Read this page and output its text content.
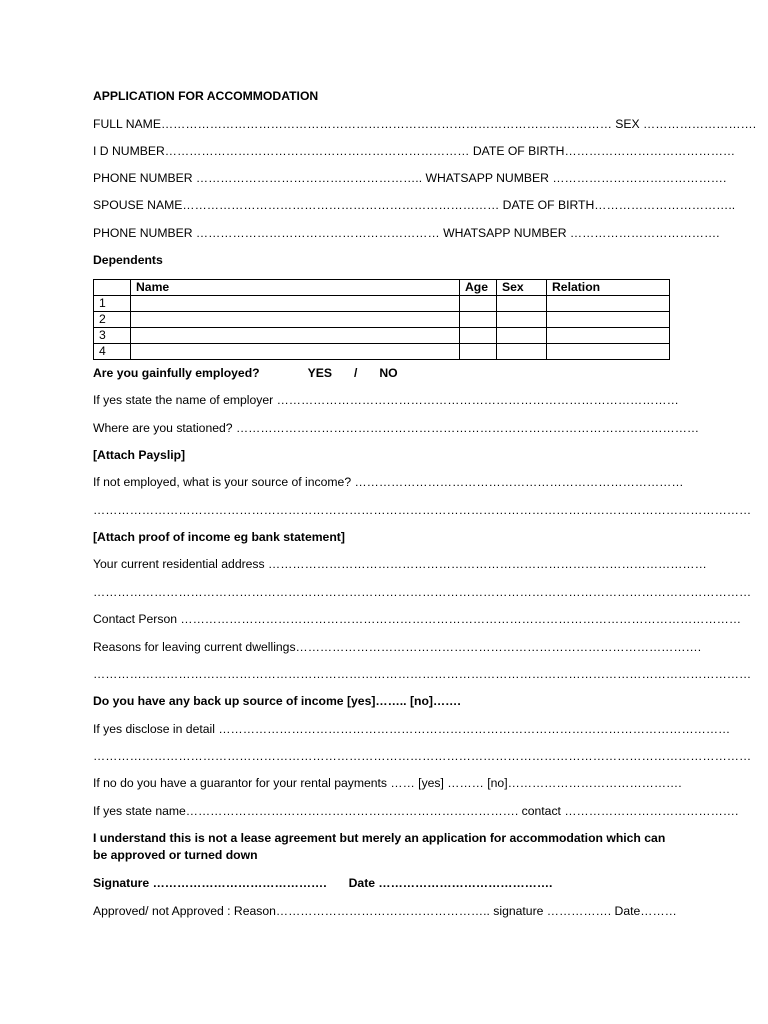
APPLICATION FOR ACCOMMODATION
FULL NAME………………………………………………………………………………………………… SEX ……………………….
I D NUMBER………………………………………………………………… DATE OF BIRTH……………………………………
PHONE NUMBER ……………………………………………….. WHATSAPP NUMBER …………………………………….
SPOUSE NAME…………………………………………………………………… DATE OF BIRTH……………………………..
PHONE NUMBER …………………………………………………… WHATSAPP NUMBER ……………………………….
Dependents
	Name	Age	Sex	Relation
1				
2				
3				
4				
Are you gainfully employed?	YES / NO
If yes state the name of employer ………………………………………………………………………………………
Where are you stationed? ……………………………………………………………………………………………………
[Attach Payslip]
If not employed, what is your source of income? ………………………………………………………………………
………………………………………………………………………………………………………………………………………………
[Attach proof of income eg bank statement]
Your current residential address ………………………………………………………………………………………………
………………………………………………………………………………………………………………………………………………
Contact Person …………………………………………………………………………………………………………………………
Reasons for leaving current dwellings……………………………………………………………………………………….
………………………………………………………………………………………………………………………………………………
Do you have any back up source of income [yes]…….. [no]…….
If yes disclose in detail ………………………………………………………………………………………………………………
………………………………………………………………………………………………………………………………………………
If no do you have a guarantor for your rental payments …… [yes] ……… [no]…………………………………….
If yes state name………………………………………………………………………. contact …………………………………….
I understand this is not a lease agreement but merely an application for accommodation which can be approved or turned down
Signature ……………………………………. Date …………………………………….
Approved/ not Approved : Reason…………………………………………….. signature ……………. Date………
